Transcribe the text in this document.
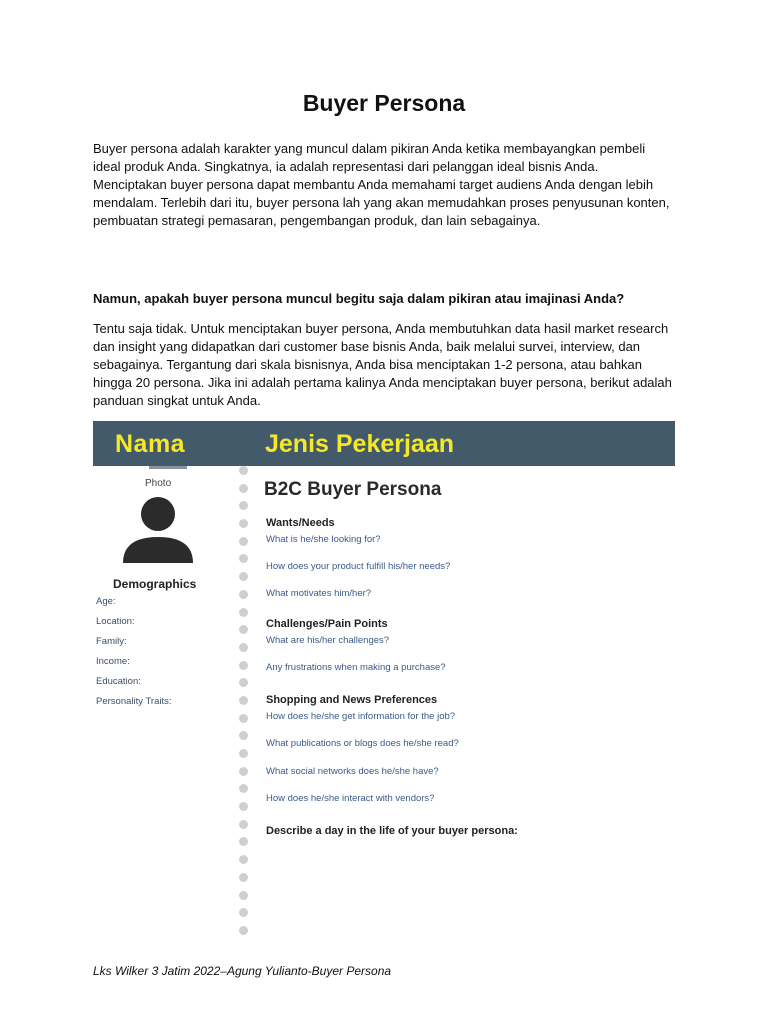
Buyer Persona

Buyer persona adalah karakter yang muncul dalam pikiran Anda ketika membayangkan pembeli ideal produk Anda. Singkatnya, ia adalah representasi dari pelanggan ideal bisnis Anda. Menciptakan buyer persona dapat membantu Anda memahami target audiens Anda dengan lebih mendalam. Terlebih dari itu, buyer persona lah yang akan memudahkan proses penyusunan konten, pembuatan strategi pemasaran, pengembangan produk, dan lain sebagainya.

Namun, apakah buyer persona muncul begitu saja dalam pikiran atau imajinasi Anda?

Tentu saja tidak. Untuk menciptakan buyer persona, Anda membutuhkan data hasil market research dan insight yang didapatkan dari customer base bisnis Anda, baik melalui survei, interview, dan sebagainya. Tergantung dari skala bisnisnya, Anda bisa menciptakan 1-2 persona, atau bahkan hingga 20 persona. Jika ini adalah pertama kalinya Anda menciptakan buyer persona, berikut adalah panduan singkat untuk Anda.

Nama	Jenis Pekerjaan
Photo
Demographics
Age:
Location:
Family:
Income:
Education:
Personality Traits:
B2C Buyer Persona
Wants/Needs
What is he/she looking for?
How does your product fulfill his/her needs?
What motivates him/her?
Challenges/Pain Points
What are his/her challenges?
Any frustrations when making a purchase?
Shopping and News Preferences
How does he/she get information for the job?
What publications or blogs does he/she read?
What social networks does he/she have?
How does he/she interact with vendors?
Describe a day in the life of your buyer persona:
Lks Wilker 3 Jatim 2022–Agung Yulianto-Buyer Persona
